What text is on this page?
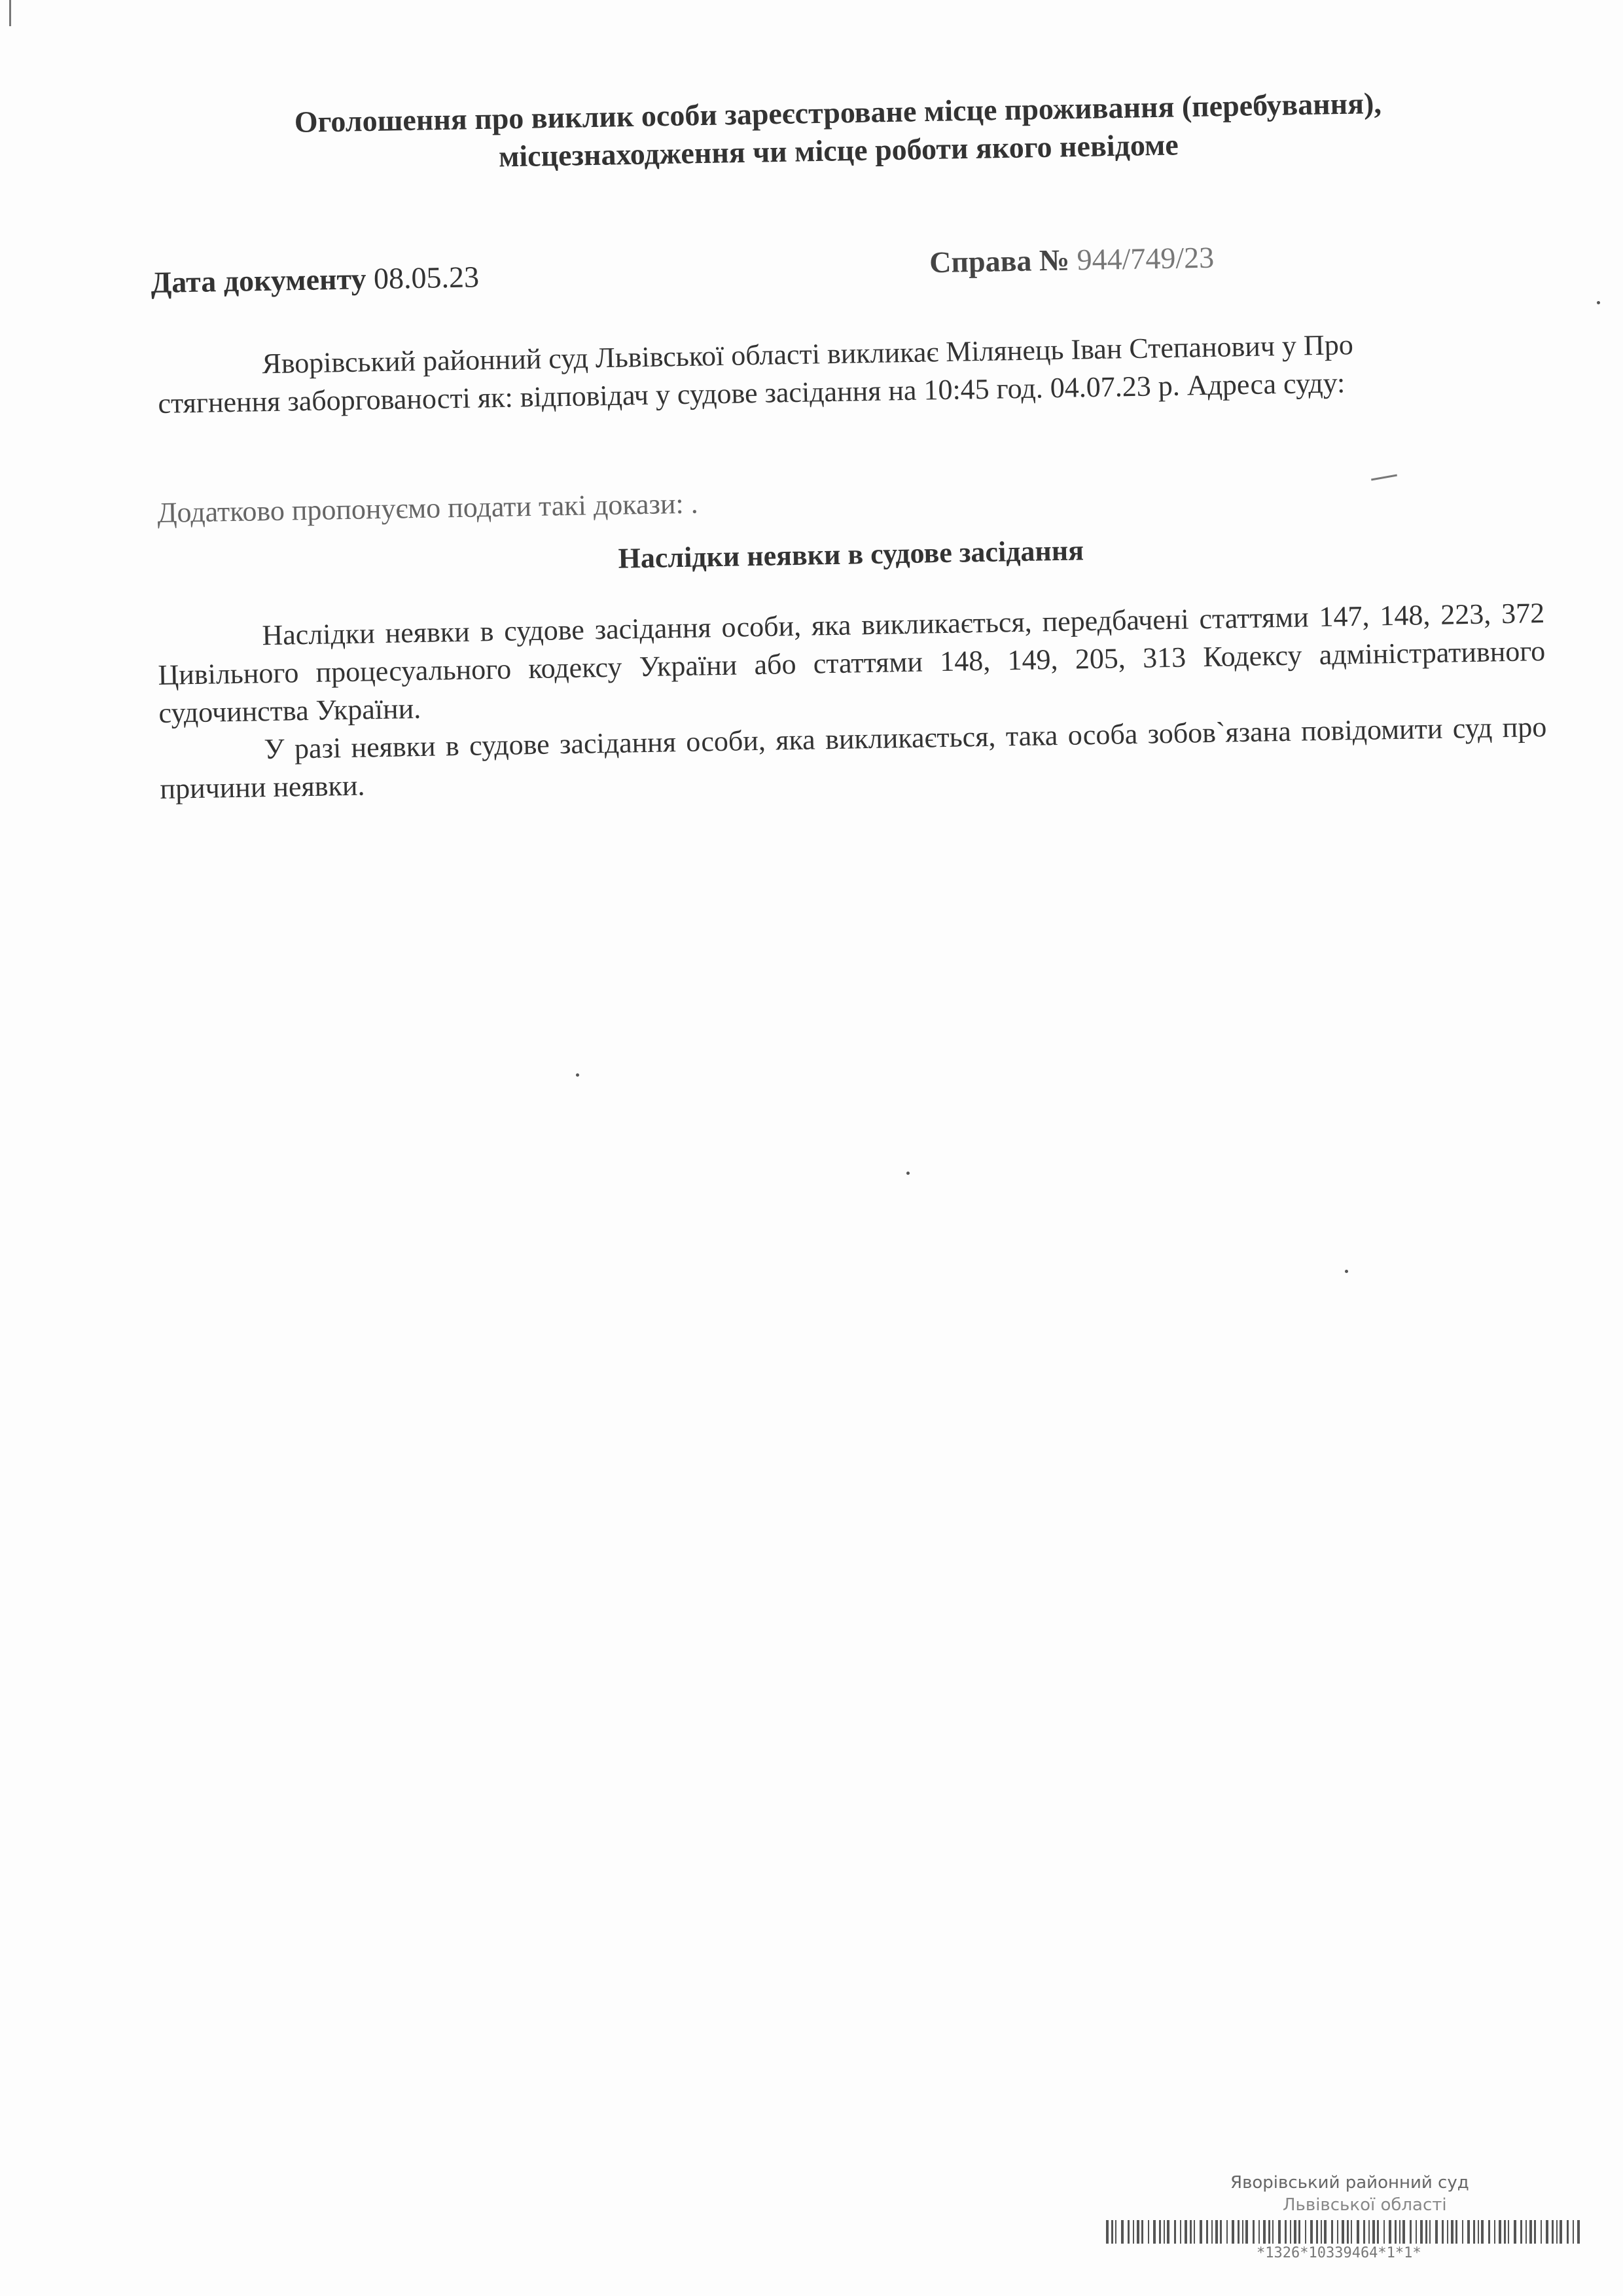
Оголошення про виклик особи зареєстроване місце проживання (перебування),
місцезнаходження чи місце роботи якого невідоме
Дата документу 08.05.23	Справа № 944/749/23

Яворівський районний суд Львівської області викликає Мілянець Іван Степанович у Про

стягнення заборгованості як: відповідач у судове засідання на 10:45 год. 04.07.23 р. Адреса суду:

Додатково пропонуємо подати такі докази: .

Наслідки неявки в судове засідання

Наслідки неявки в судове засідання особи, яка викликається, передбачені статтями 147, 148, 223, 372 Цивільного процесуального кодексу України або статтями 148, 149, 205, 313 Кодексу адміністративного судочинства України.

У разі неявки в судове засідання особи, яка викликається, така особа зобов`язана повідомити суд про причини неявки.

Яворівський районний суд
Львівської області
*1326*10339464*1*1*
